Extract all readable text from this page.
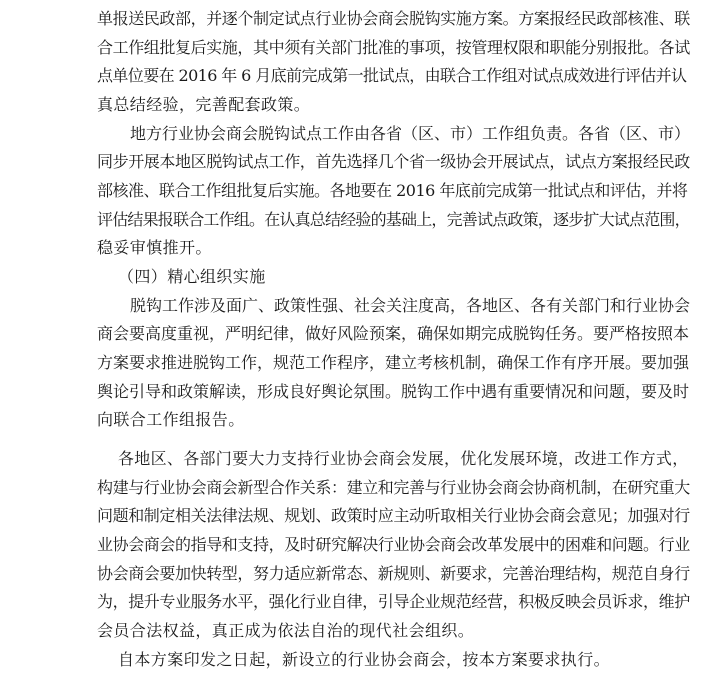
单报送民政部，并逐个制定试点行业协会商会脱钩实施方案。方案报经民政部核准、联
合工作组批复后实施，其中须有关部门批准的事项，按管理权限和职能分别报批。各试
点单位要在 2016 年 6 月底前完成第一批试点，由联合工作组对试点成效进行评估并认
真总结经验，完善配套政策。
地方行业协会商会脱钩试点工作由各省（区、市）工作组负责。各省（区、市）
同步开展本地区脱钩试点工作，首先选择几个省一级协会开展试点，试点方案报经民政
部核准、联合工作组批复后实施。各地要在 2016 年底前完成第一批试点和评估，并将
评估结果报联合工作组。在认真总结经验的基础上，完善试点政策，逐步扩大试点范围，
稳妥审慎推开。
（四）精心组织实施
脱钩工作涉及面广、政策性强、社会关注度高，各地区、各有关部门和行业协会
商会要高度重视，严明纪律，做好风险预案，确保如期完成脱钩任务。要严格按照本
方案要求推进脱钩工作，规范工作程序，建立考核机制，确保工作有序开展。要加强
舆论引导和政策解读，形成良好舆论氛围。脱钩工作中遇有重要情况和问题，要及时
向联合工作组报告。
各地区、各部门要大力支持行业协会商会发展，优化发展环境，改进工作方式，
构建与行业协会商会新型合作关系：建立和完善与行业协会商会协商机制，在研究重大
问题和制定相关法律法规、规划、政策时应主动听取相关行业协会商会意见；加强对行
业协会商会的指导和支持，及时研究解决行业协会商会改革发展中的困难和问题。行业
协会商会要加快转型，努力适应新常态、新规则、新要求，完善治理结构，规范自身行
为，提升专业服务水平，强化行业自律，引导企业规范经营，积极反映会员诉求，维护
会员合法权益，真正成为依法自治的现代社会组织。
自本方案印发之日起，新设立的行业协会商会，按本方案要求执行。
